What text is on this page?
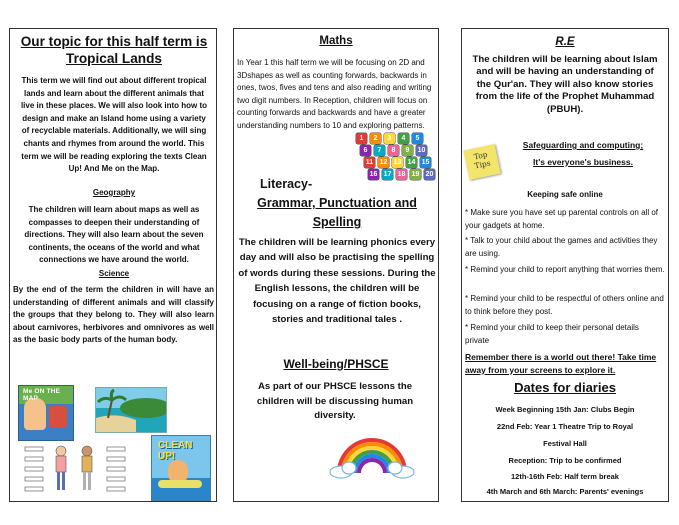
Our topic for this half term is Tropical Lands

This term we will find out about different tropical lands and learn about the different animals that live in these places. We will also look into how to design and make an Island home using a variety of recyclable materials. Additionally, we will sing chants and rhymes from around the world. This term we will be reading exploring the texts Clean Up! And Me on the Map.

Geography

The children will learn about maps as well as compasses to deepen their understanding of directions. They will also learn about the seven continents, the oceans of the world and what connections we have around the world.

Science

By the end of the term the children in will have an understanding of different animals and will classify the groups that they belong to. They will also learn about carnivores, herbivores and omnivores as well as the basic body parts of the human body.

Me ON THE MAP
CLEAN UP!

Maths

In Year 1 this half term we will be focusing on 2D and 3Dshapes as well as counting forwards, backwards in ones, twos, fives and tens and also reading and writing two digit numbers. In Reception, children will focus on counting forwards and backwards and have a greater understanding numbers to 10 and exploring patterns.

1	2	3	4	5
6	7	8	9	10
11 12 13 14 15
16 17 18 19 20

Literacy-

Grammar, Punctuation and Spelling

The children will be learning phonics every day and will also be practising the spelling of words during these sessions. During the English lessons, the children will be focusing on a range of fiction books, stories and traditional tales .

Well-being/PHSCE

As part of our PHSCE lessons the children will be discussing human diversity.

R.E

The children will be learning about Islam and will be having an understanding of the Qur'an. They will also know stories from the life of the Prophet Muhammad (PBUH).

Top Tips

Safeguarding and computing;

It's everyone's business.

Keeping safe online

* Make sure you have set up parental controls on all of your gadgets at home.

* Talk to your child about the games and activities they are using.

* Remind your child to report anything that worries them.

* Remind your child to be respectful of others online and to think before they post.

* Remind your child to keep their personal details private

Remember there is a world out there! Take time away from your screens to explore it.

Dates for diaries

Week Beginning 15th Jan: Clubs Begin

22nd Feb: Year 1 Theatre Trip to Royal

Festival Hall

Reception: Trip to be confirmed

12th-16th Feb: Half term break

4th March and 6th March: Parents' evenings
